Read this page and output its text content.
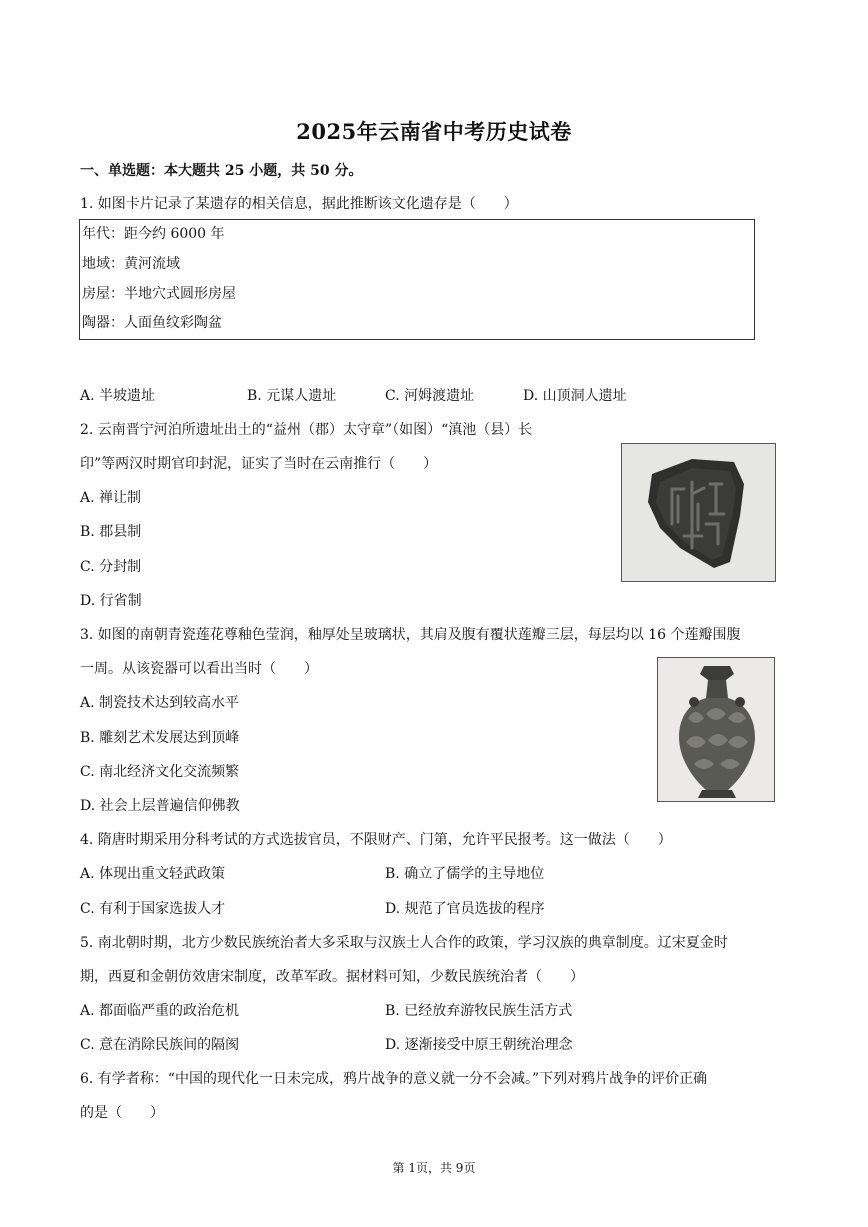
2025年云南省中考历史试卷
一、单选题：本大题共 25 小题，共 50 分。
1. 如图卡片记录了某遗存的相关信息，据此推断该文化遗存是（　　）
年代：距今约 6000 年
地域：黄河流域
房屋：半地穴式圆形房屋
陶器：人面鱼纹彩陶盆
A. 半坡遗址	B. 元谋人遗址	C. 河姆渡遗址	D. 山顶洞人遗址
2. 云南晋宁河泊所遗址出土的“益州（郡）太守章”（如图）“滇池（县）长
印”等两汉时期官印封泥，证实了当时在云南推行（　　）
A. 禅让制
B. 郡县制
C. 分封制
D. 行省制
3. 如图的南朝青瓷莲花尊釉色莹润，釉厚处呈玻璃状，其肩及腹有覆状莲瓣三层，每层均以 16 个莲瓣围腹
一周。从该瓷器可以看出当时（　　）
A. 制瓷技术达到较高水平
B. 雕刻艺术发展达到顶峰
C. 南北经济文化交流频繁
D. 社会上层普遍信仰佛教
4. 隋唐时期采用分科考试的方式选拔官员，不限财产、门第，允许平民报考。这一做法（　　）
A. 体现出重文轻武政策	B. 确立了儒学的主导地位
C. 有利于国家选拔人才	D. 规范了官员选拔的程序
5. 南北朝时期，北方少数民族统治者大多采取与汉族士人合作的政策，学习汉族的典章制度。辽宋夏金时
期，西夏和金朝仿效唐宋制度，改革军政。据材料可知，少数民族统治者（　　）
A. 都面临严重的政治危机	B. 已经放弃游牧民族生活方式
C. 意在消除民族间的隔阂	D. 逐渐接受中原王朝统治理念
6. 有学者称：“中国的现代化一日未完成，鸦片战争的意义就一分不会减。”下列对鸦片战争的评价正确
的是（　　）
第 1页，共 9页
